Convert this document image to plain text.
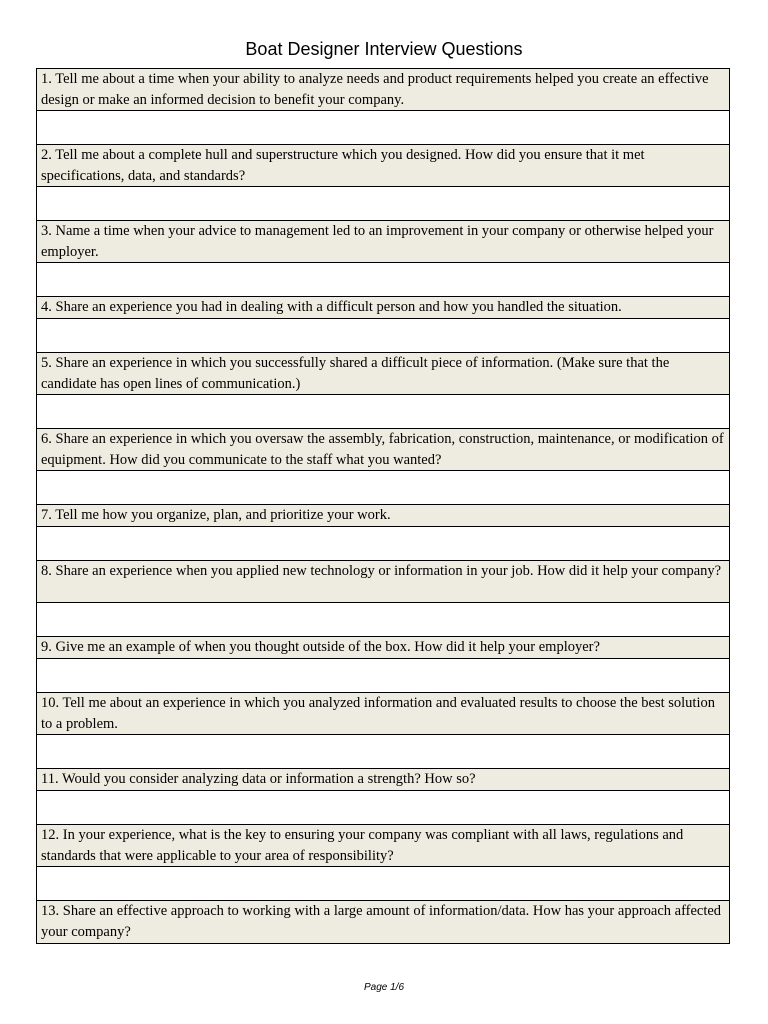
Boat Designer Interview Questions
1. Tell me about a time when your ability to analyze needs and product requirements helped you create an effective design or make an informed decision to benefit your company.
2. Tell me about a complete hull and superstructure which you designed. How did you ensure that it met specifications, data, and standards?
3. Name a time when your advice to management led to an improvement in your company or otherwise helped your employer.
4. Share an experience you had in dealing with a difficult person and how you handled the situation.
5. Share an experience in which you successfully shared a difficult piece of information. (Make sure that the candidate has open lines of communication.)
6. Share an experience in which you oversaw the assembly, fabrication, construction, maintenance, or modification of equipment. How did you communicate to the staff what you wanted?
7. Tell me how you organize, plan, and prioritize your work.
8. Share an experience when you applied new technology or information in your job. How did it help your company?
9. Give me an example of when you thought outside of the box. How did it help your employer?
10. Tell me about an experience in which you analyzed information and evaluated results to choose the best solution to a problem.
11. Would you consider analyzing data or information a strength? How so?
12. In your experience, what is the key to ensuring your company was compliant with all laws, regulations and standards that were applicable to your area of responsibility?
13. Share an effective approach to working with a large amount of information/data. How has your approach affected your company?
Page 1/6
